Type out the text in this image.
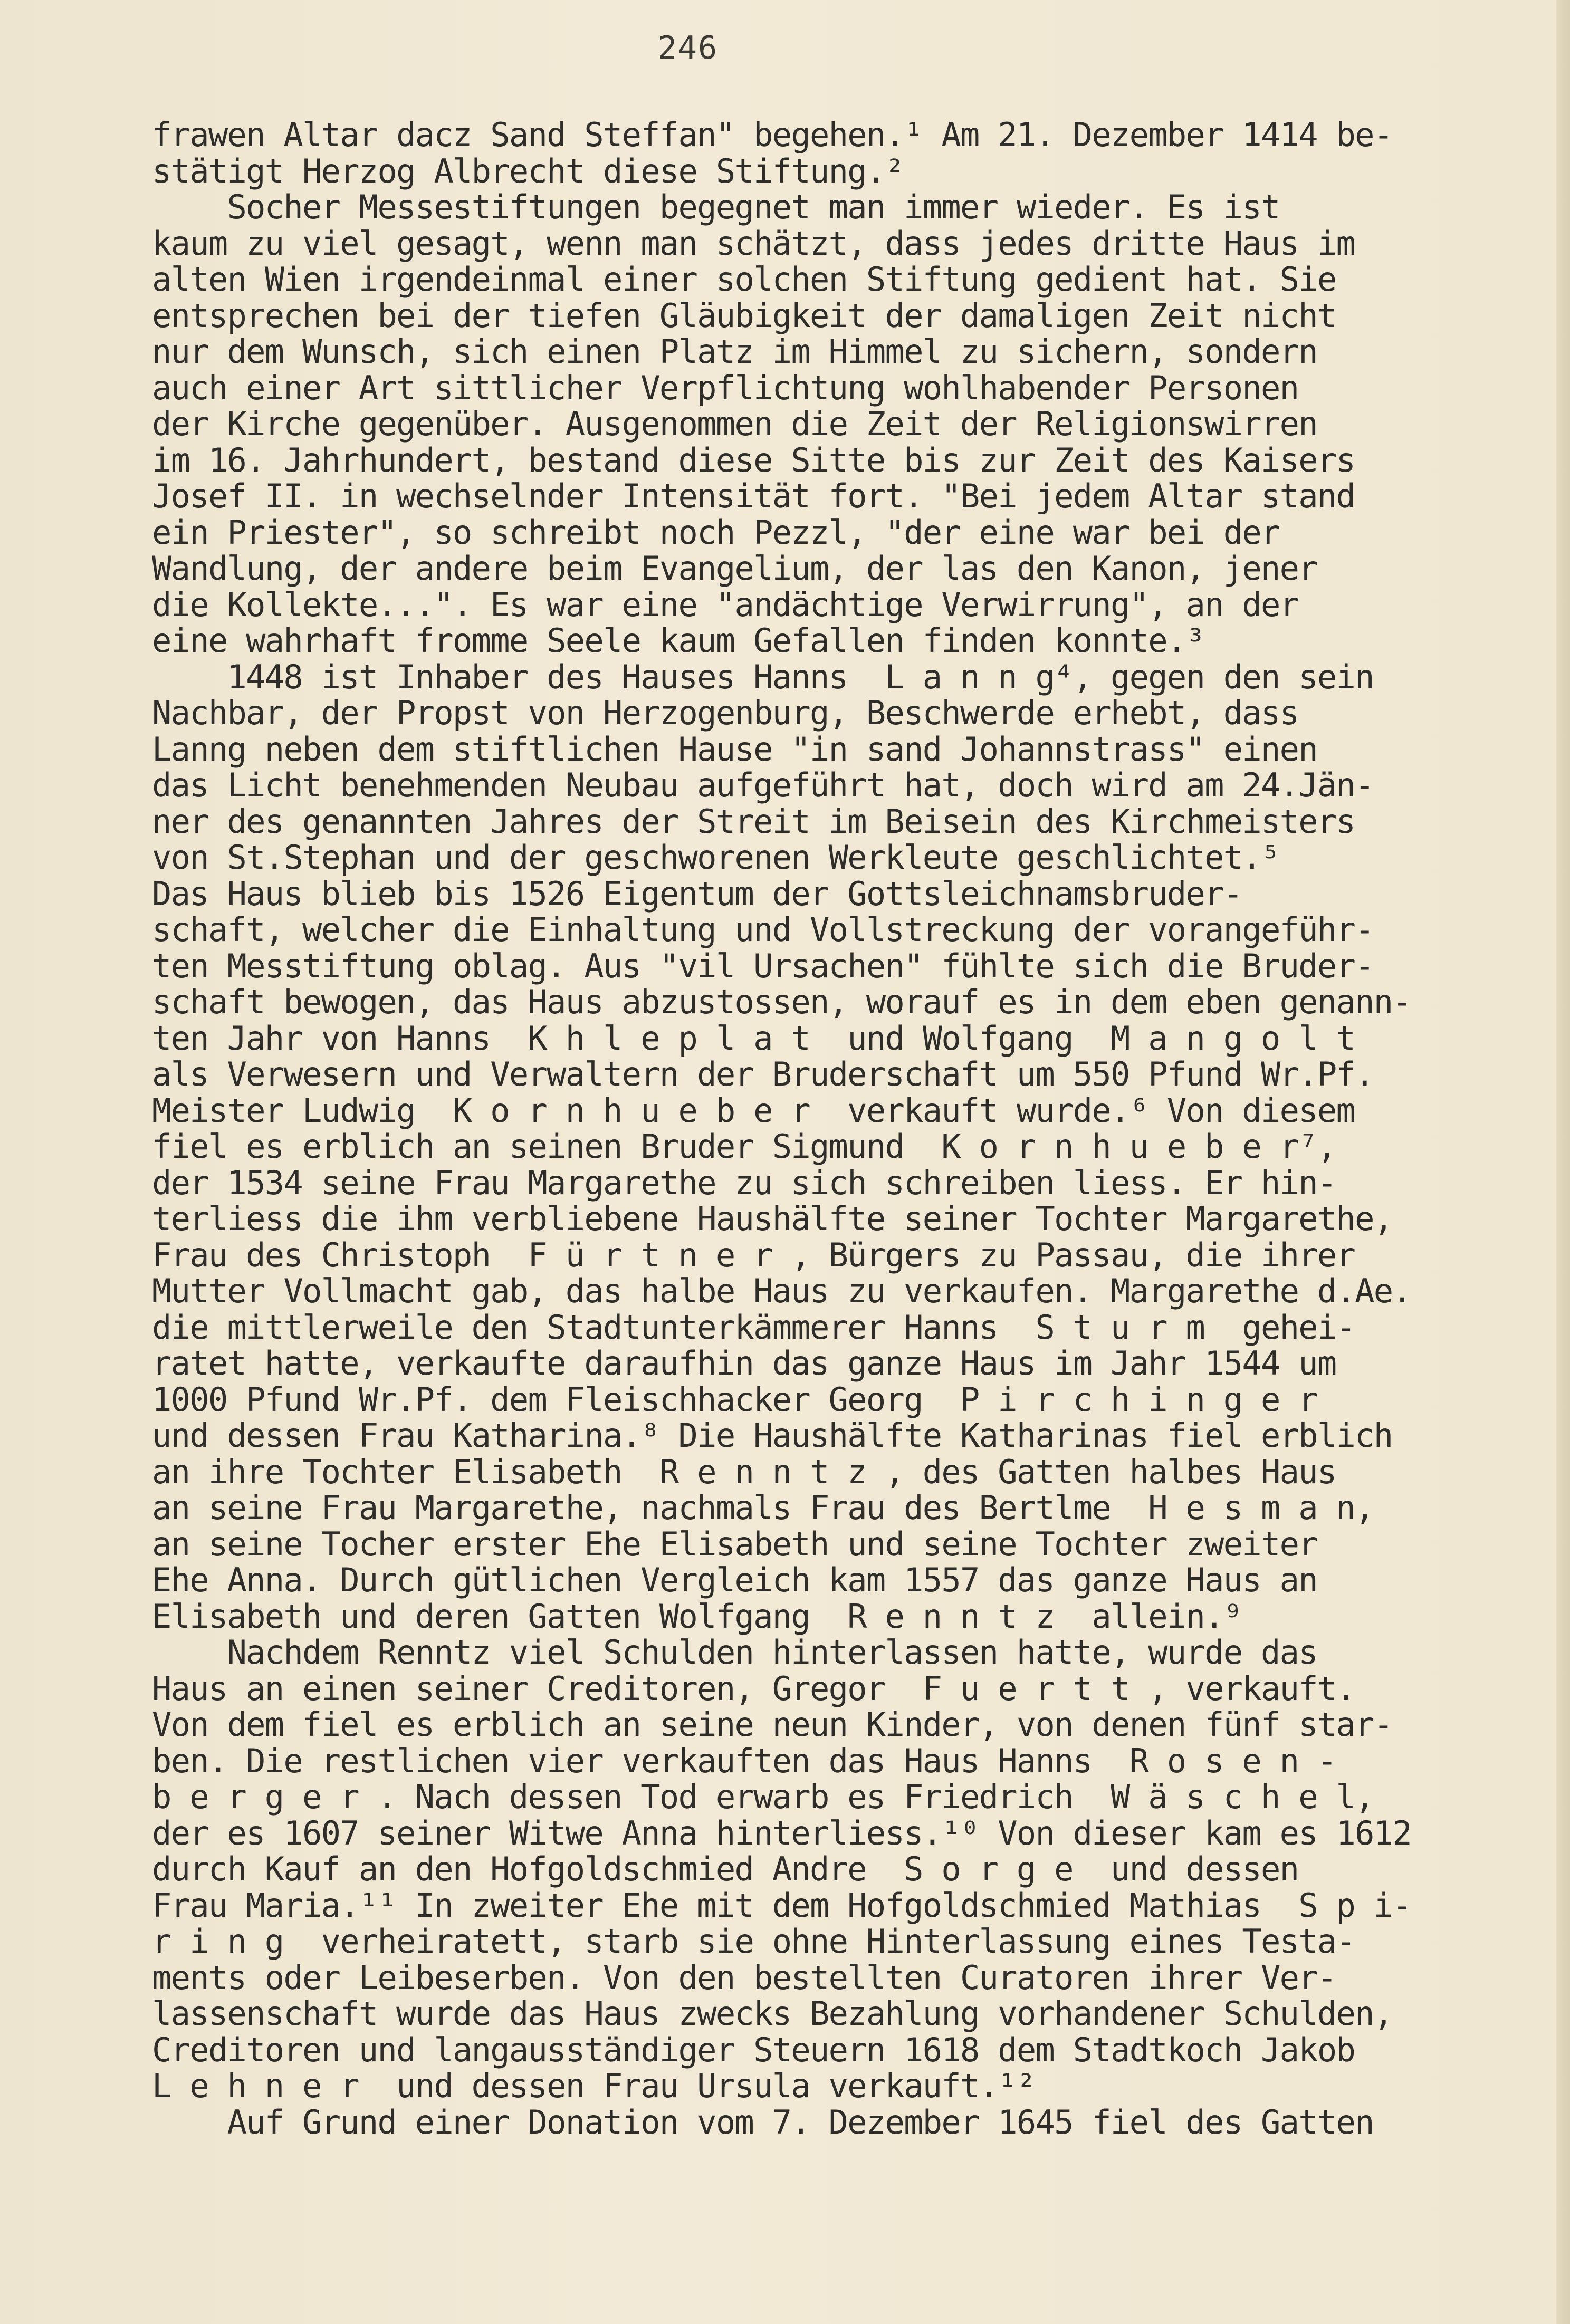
246
frawen Altar dacz Sand Steffan" begehen.¹ Am 21. Dezember 1414 be-
stätigt Herzog Albrecht diese Stiftung.²
Socher Messestiftungen begegnet man immer wieder. Es ist
kaum zu viel gesagt, wenn man schätzt, dass jedes dritte Haus im
alten Wien irgendeinmal einer solchen Stiftung gedient hat. Sie
entsprechen bei der tiefen Gläubigkeit der damaligen Zeit nicht
nur dem Wunsch, sich einen Platz im Himmel zu sichern, sondern
auch einer Art sittlicher Verpflichtung wohlhabender Personen
der Kirche gegenüber. Ausgenommen die Zeit der Religionswirren
im 16. Jahrhundert, bestand diese Sitte bis zur Zeit des Kaisers
Josef II. in wechselnder Intensität fort. "Bei jedem Altar stand
ein Priester", so schreibt noch Pezzl, "der eine war bei der
Wandlung, der andere beim Evangelium, der las den Kanon, jener
die Kollekte...". Es war eine "andächtige Verwirrung", an der
eine wahrhaft fromme Seele kaum Gefallen finden konnte.³
1448 ist Inhaber des Hauses Hanns  L a n n g⁴, gegen den sein
Nachbar, der Propst von Herzogenburg, Beschwerde erhebt, dass
Lanng neben dem stiftlichen Hause "in sand Johannstrass" einen
das Licht benehmenden Neubau aufgeführt hat, doch wird am 24.Jän-
ner des genannten Jahres der Streit im Beisein des Kirchmeisters
von St.Stephan und der geschworenen Werkleute geschlichtet.⁵
Das Haus blieb bis 1526 Eigentum der Gottsleichnamsbruder-
schaft, welcher die Einhaltung und Vollstreckung der vorangeführ-
ten Messtiftung oblag. Aus "vil Ursachen" fühlte sich die Bruder-
schaft bewogen, das Haus abzustossen, worauf es in dem eben genann-
ten Jahr von Hanns  K h l e p l a t  und Wolfgang  M a n g o l t
als Verwesern und Verwaltern der Bruderschaft um 550 Pfund Wr.Pf.
Meister Ludwig  K o r n h u e b e r  verkauft wurde.⁶ Von diesem
fiel es erblich an seinen Bruder Sigmund  K o r n h u e b e r⁷,
der 1534 seine Frau Margarethe zu sich schreiben liess. Er hin-
terliess die ihm verbliebene Haushälfte seiner Tochter Margarethe,
Frau des Christoph  F ü r t n e r , Bürgers zu Passau, die ihrer
Mutter Vollmacht gab, das halbe Haus zu verkaufen. Margarethe d.Ae.
die mittlerweile den Stadtunterkämmerer Hanns  S t u r m  gehei-
ratet hatte, verkaufte daraufhin das ganze Haus im Jahr 1544 um
1000 Pfund Wr.Pf. dem Fleischhacker Georg  P i r c h i n g e r
und dessen Frau Katharina.⁸ Die Haushälfte Katharinas fiel erblich
an ihre Tochter Elisabeth  R e n n t z , des Gatten halbes Haus
an seine Frau Margarethe, nachmals Frau des Bertlme  H e s m a n,
an seine Tocher erster Ehe Elisabeth und seine Tochter zweiter
Ehe Anna. Durch gütlichen Vergleich kam 1557 das ganze Haus an
Elisabeth und deren Gatten Wolfgang  R e n n t z  allein.⁹
Nachdem Renntz viel Schulden hinterlassen hatte, wurde das
Haus an einen seiner Creditoren, Gregor  F u e r t t , verkauft.
Von dem fiel es erblich an seine neun Kinder, von denen fünf star-
ben. Die restlichen vier verkauften das Haus Hanns  R o s e n -
b e r g e r . Nach dessen Tod erwarb es Friedrich  W ä s c h e l,
der es 1607 seiner Witwe Anna hinterliess.¹⁰ Von dieser kam es 1612
durch Kauf an den Hofgoldschmied Andre  S o r g e  und dessen
Frau Maria.¹¹ In zweiter Ehe mit dem Hofgoldschmied Mathias  S p i-
r i n g  verheiratett, starb sie ohne Hinterlassung eines Testa-
ments oder Leibeserben. Von den bestellten Curatoren ihrer Ver-
lassenschaft wurde das Haus zwecks Bezahlung vorhandener Schulden,
Creditoren und langausständiger Steuern 1618 dem Stadtkoch Jakob
L e h n e r  und dessen Frau Ursula verkauft.¹²
Auf Grund einer Donation vom 7. Dezember 1645 fiel des Gatten
